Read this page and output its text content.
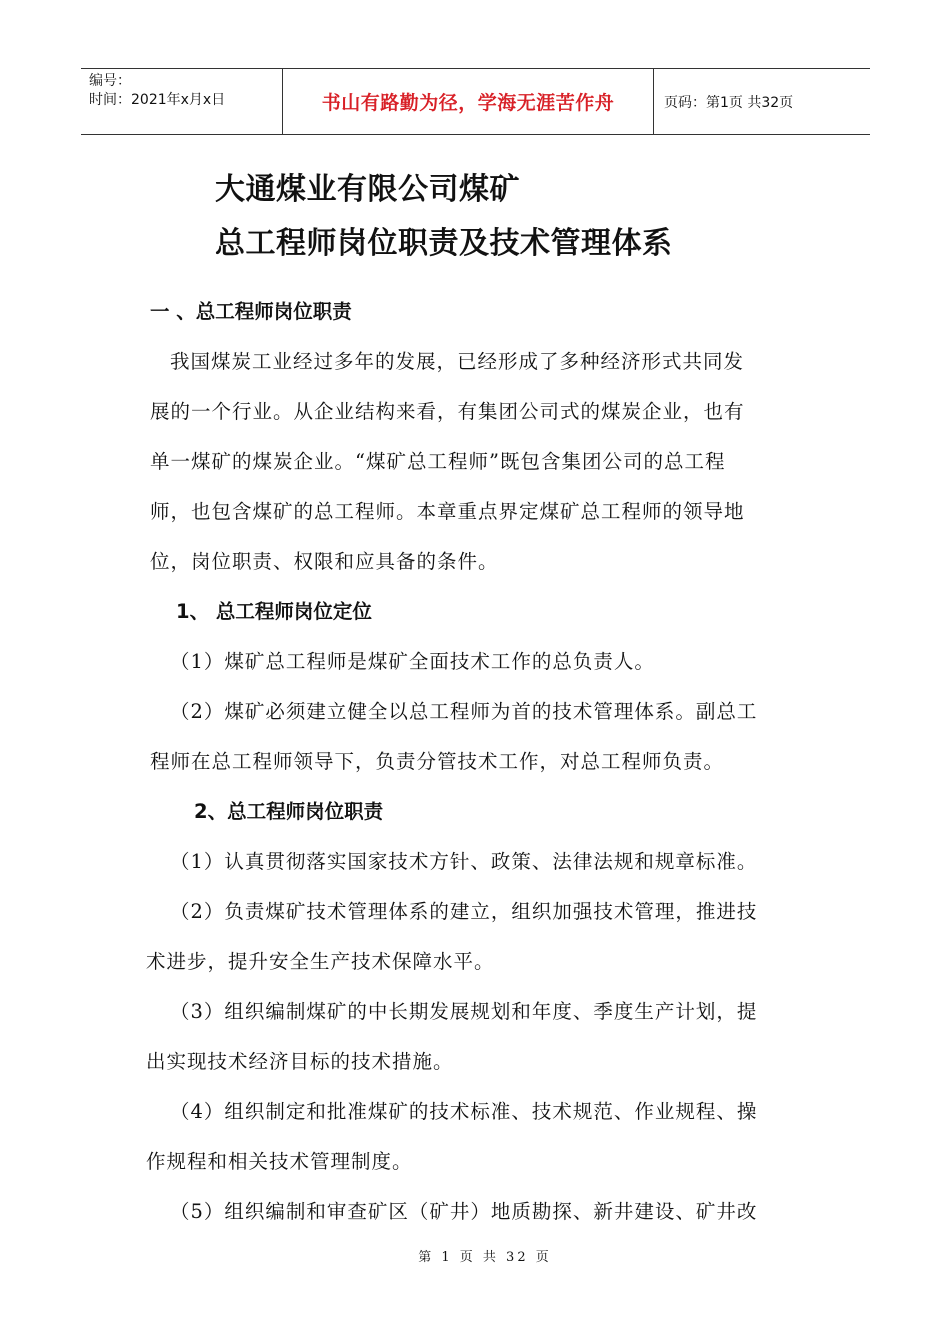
编号：
时间：2021年x月x日	书山有路勤为径，学海无涯苦作舟	页码：第1页 共32页
大通煤业有限公司煤矿
总工程师岗位职责及技术管理体系
一 、总工程师岗位职责
我国煤炭工业经过多年的发展，已经形成了多种经济形式共同发
展的一个行业。从企业结构来看，有集团公司式的煤炭企业，也有
单一煤矿的煤炭企业。“煤矿总工程师”既包含集团公司的总工程
师，也包含煤矿的总工程师。本章重点界定煤矿总工程师的领导地
位，岗位职责、权限和应具备的条件。
1、 总工程师岗位定位
（1）煤矿总工程师是煤矿全面技术工作的总负责人。
（2）煤矿必须建立健全以总工程师为首的技术管理体系。副总工
程师在总工程师领导下，负责分管技术工作，对总工程师负责。
2、总工程师岗位职责
（1）认真贯彻落实国家技术方针、政策、法律法规和规章标准。
（2）负责煤矿技术管理体系的建立，组织加强技术管理，推进技
术进步，提升安全生产技术保障水平。
（3）组织编制煤矿的中长期发展规划和年度、季度生产计划，提
出实现技术经济目标的技术措施。
（4）组织制定和批准煤矿的技术标准、技术规范、作业规程、操
作规程和相关技术管理制度。
（5）组织编制和审查矿区（矿井）地质勘探、新井建设、矿井改
第 1 页 共 32 页
